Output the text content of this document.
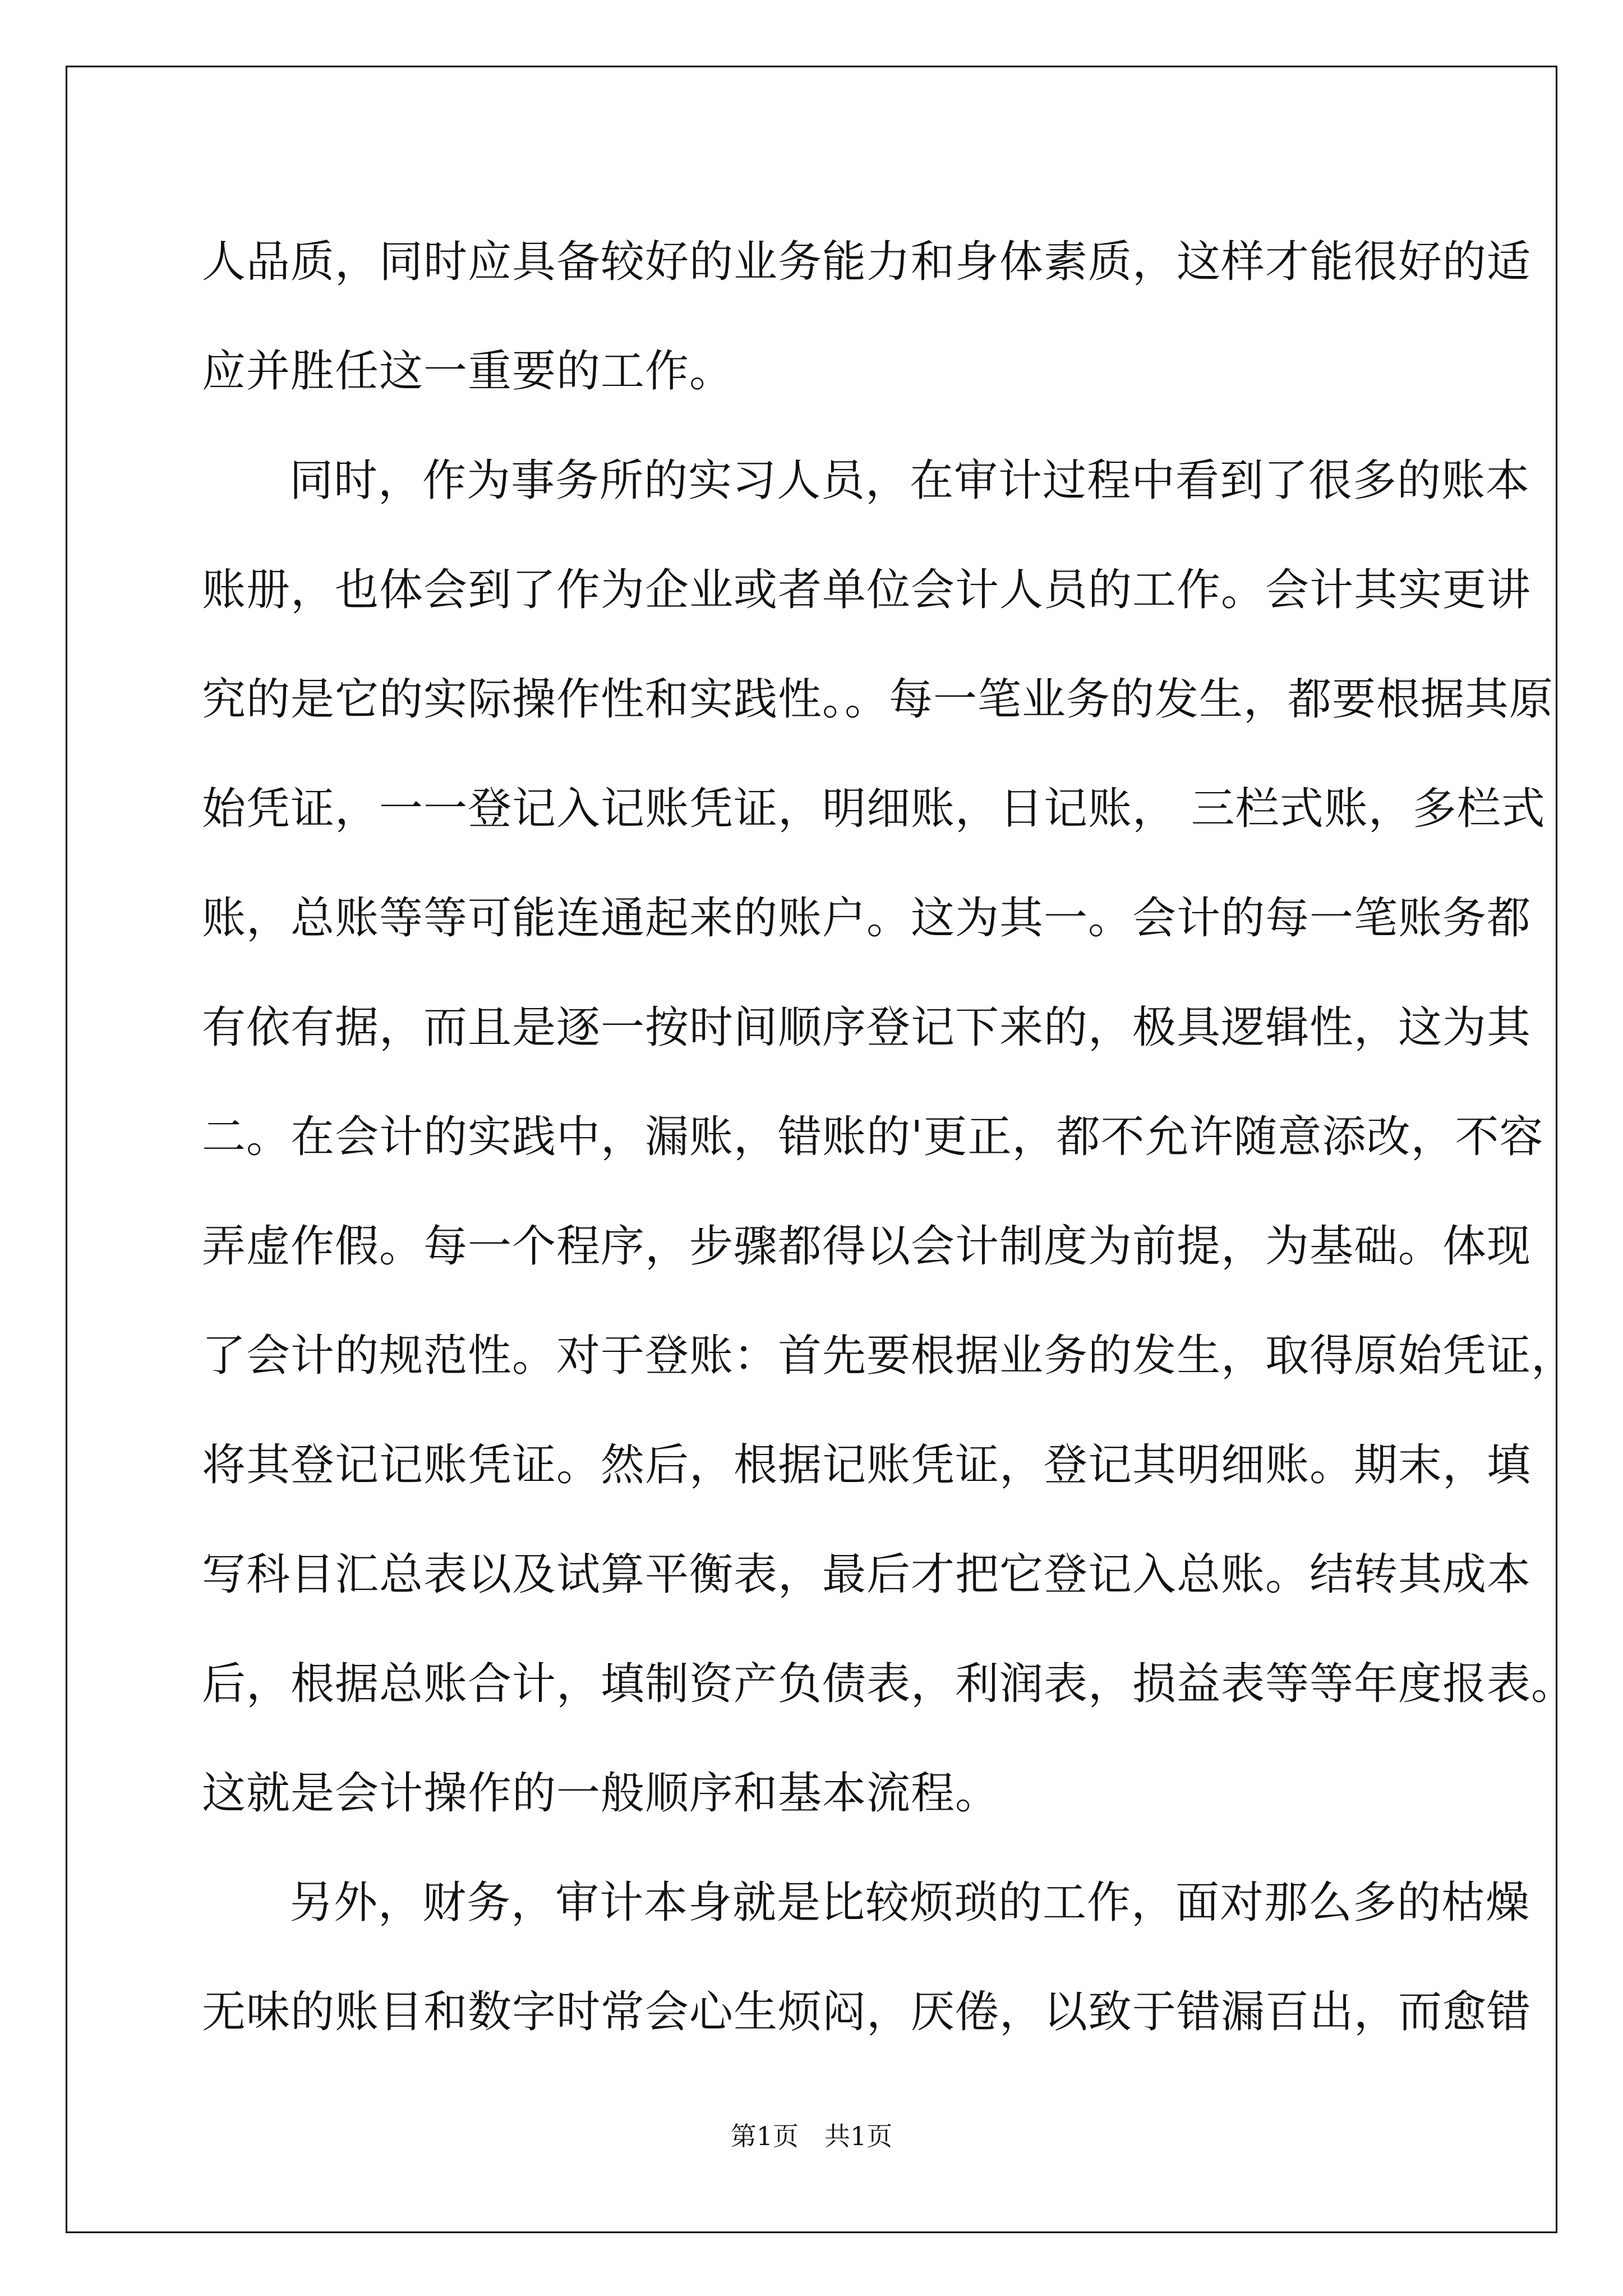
人品质，同时应具备较好的业务能力和身体素质，这样才能很好的适

应并胜任这一重要的工作。

同时，作为事务所的实习人员，在审计过程中看到了很多的账本

账册，也体会到了作为企业或者单位会计人员的工作。会计其实更讲

究的是它的实际操作性和实践性。。每一笔业务的发生，都要根据其原

始凭证，一一登记入记账凭证，明细账，日记账， 三栏式账，多栏式

账，总账等等可能连通起来的账户。这为其一。会计的每一笔账务都

有依有据，而且是逐一按时间顺序登记下来的，极具逻辑性，这为其

二。在会计的实践中，漏账，错账的'更正，都不允许随意添改，不容

弄虚作假。每一个程序，步骤都得以会计制度为前提，为基础。体现

了会计的规范性。对于登账：首先要根据业务的发生，取得原始凭证，

将其登记记账凭证。然后，根据记账凭证，登记其明细账。期末，填

写科目汇总表以及试算平衡表，最后才把它登记入总账。结转其成本

后，根据总账合计，填制资产负债表，利润表，损益表等等年度报表。

这就是会计操作的一般顺序和基本流程。

另外，财务，审计本身就是比较烦琐的工作，面对那么多的枯燥

无味的账目和数字时常会心生烦闷，厌倦，以致于错漏百出，而愈错

第1页　共1页
